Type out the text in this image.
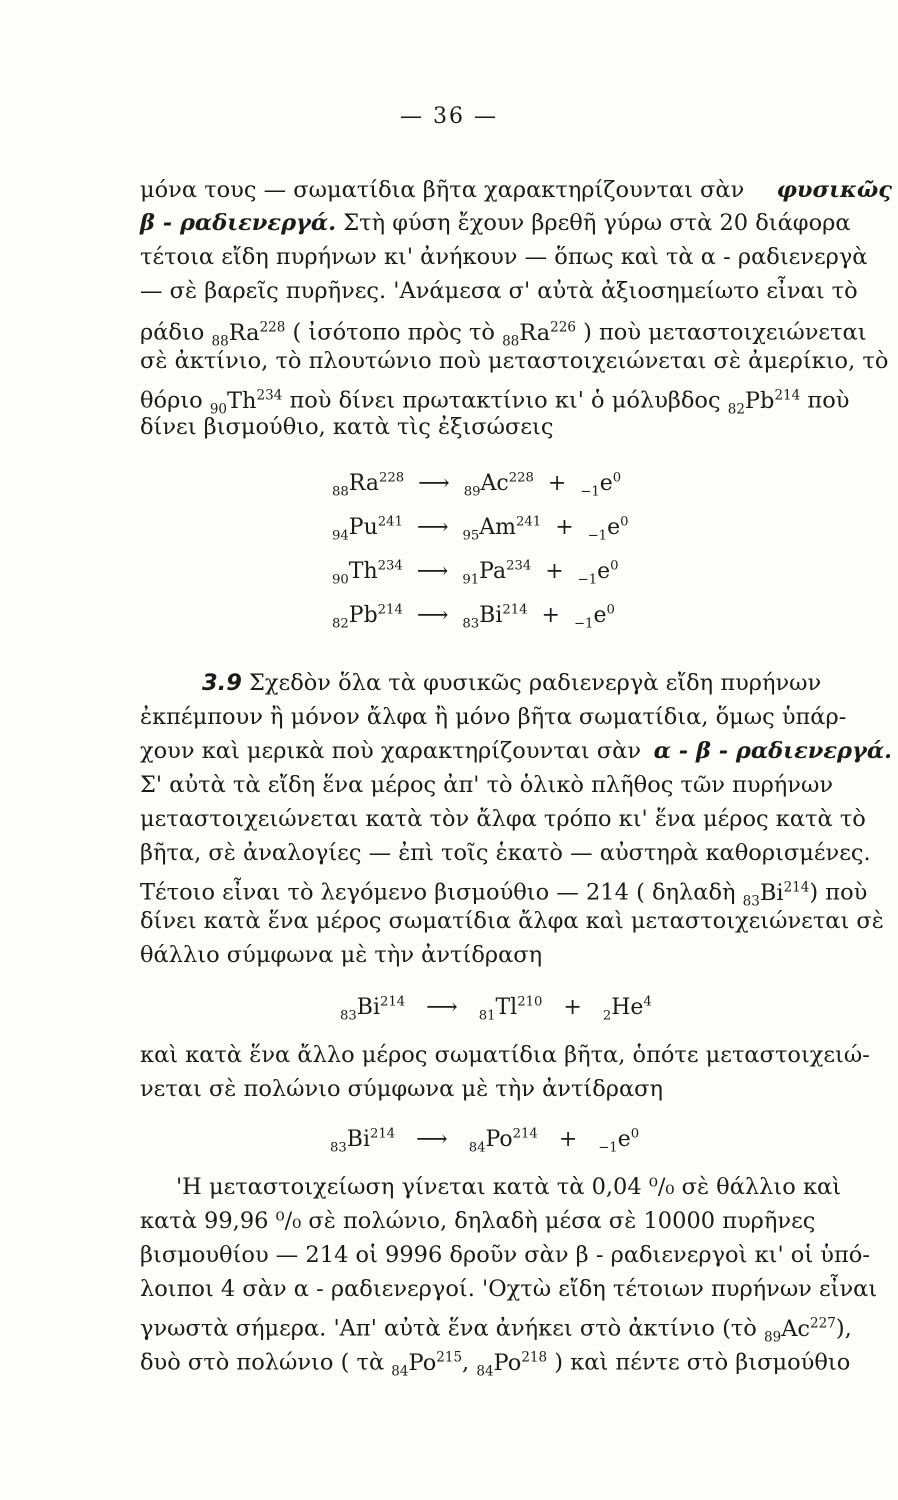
— 36 —
μόνα τους — σωματίδια βῆτα χαρακτηρίζουνται σὰν φυσικῶς
β - ραδιενεργά. Στὴ φύση ἔχουν βρεθῆ γύρω στὰ 20 διάφορα
τέτοια εἴδη πυρήνων κι' ἀνήκουν — ὅπως καὶ τὰ α - ραδιενεργὰ
— σὲ βαρεῖς πυρῆνες. 'Ανάμεσα σ' αὐτὰ ἀξιοσημείωτο εἶναι τὸ
ράδιο $_{88}Ra^{228}$ ( ἰσότοπο πρὸς τὸ $_{88}Ra^{226}$ ) ποὺ μεταστοιχειώνεται
σὲ ἀκτίνιο, τὸ πλουτώνιο ποὺ μεταστοιχειώνεται σὲ ἀμερίκιο, τὸ
θόριο $_{90}Th^{234}$ ποὺ δίνει πρωτακτίνιο κι' ὁ μόλυβδος $_{82}Pb^{214}$ ποὺ
δίνει βισμούθιο, κατὰ τὶς ἐξισώσεις
$_{88}Ra^{228}$ ⟶ $_{89}Ac^{228} + _{-1}e^0$
$_{94}Pu^{241}$ ⟶ $_{95}Am^{241} + _{-1}e^0$
$_{90}Th^{234}$ ⟶ $_{91}Pa^{234} + _{-1}e^0$
$_{82}Pb^{214}$ ⟶ $_{83}Bi^{214} + _{-1}e^0$
3.9 Σχεδὸν ὅλα τὰ φυσικῶς ραδιενεργὰ εἴδη πυρήνων
ἐκπέμπουν ἢ μόνον ἄλφα ἢ μόνο βῆτα σωματίδια, ὅμως ὑπάρ-
χουν καὶ μερικὰ ποὺ χαρακτηρίζουνται σὰν α - β - ραδιενεργά.
Σ' αὐτὰ τὰ εἴδη ἕνα μέρος ἀπ' τὸ ὁλικὸ πλῆθος τῶν πυρήνων
μεταστοιχειώνεται κατὰ τὸν ἄλφα τρόπο κι' ἕνα μέρος κατὰ τὸ
βῆτα, σὲ ἀναλογίες — ἐπὶ τοῖς ἑκατὸ — αὐστηρὰ καθορισμένες.
Τέτοιο εἶναι τὸ λεγόμενο βισμούθιο — 214 ( δηλαδὴ $_{83}Bi^{214}$) ποὺ
δίνει κατὰ ἕνα μέρος σωματίδια ἄλφα καὶ μεταστοιχειώνεται σὲ
θάλλιο σύμφωνα μὲ τὴν ἀντίδραση
$_{83}Bi^{214}$ ⟶ $_{81}Tl^{210} + _2He^4$
καὶ κατὰ ἕνα ἄλλο μέρος σωματίδια βῆτα, ὁπότε μεταστοιχειώ-
νεται σὲ πολώνιο σύμφωνα μὲ τὴν ἀντίδραση
$_{83}Bi^{214}$ ⟶ $_{84}Po^{214} + _{-1}e^0$
'Η μεταστοιχείωση γίνεται κατὰ τὰ 0,04 ⁰/₀ σὲ θάλλιο καὶ
κατὰ 99,96 ⁰/₀ σὲ πολώνιο, δηλαδὴ μέσα σὲ 10000 πυρῆνες
βισμουθίου — 214 οἱ 9996 δροῦν σὰν β - ραδιενεργοὶ κι' οἱ ὑπό-
λοιποι 4 σὰν α - ραδιενεργοί. 'Οχτὼ εἴδη τέτοιων πυρήνων εἶναι
γνωστὰ σήμερα. 'Απ' αὐτὰ ἕνα ἀνήκει στὸ ἀκτίνιο (τὸ $_{89}Ac^{227}$),
δυὸ στὸ πολώνιο ( τὰ $_{84}Po^{215}$, $_{84}Po^{218}$ ) καὶ πέντε στὸ βισμούθιο
